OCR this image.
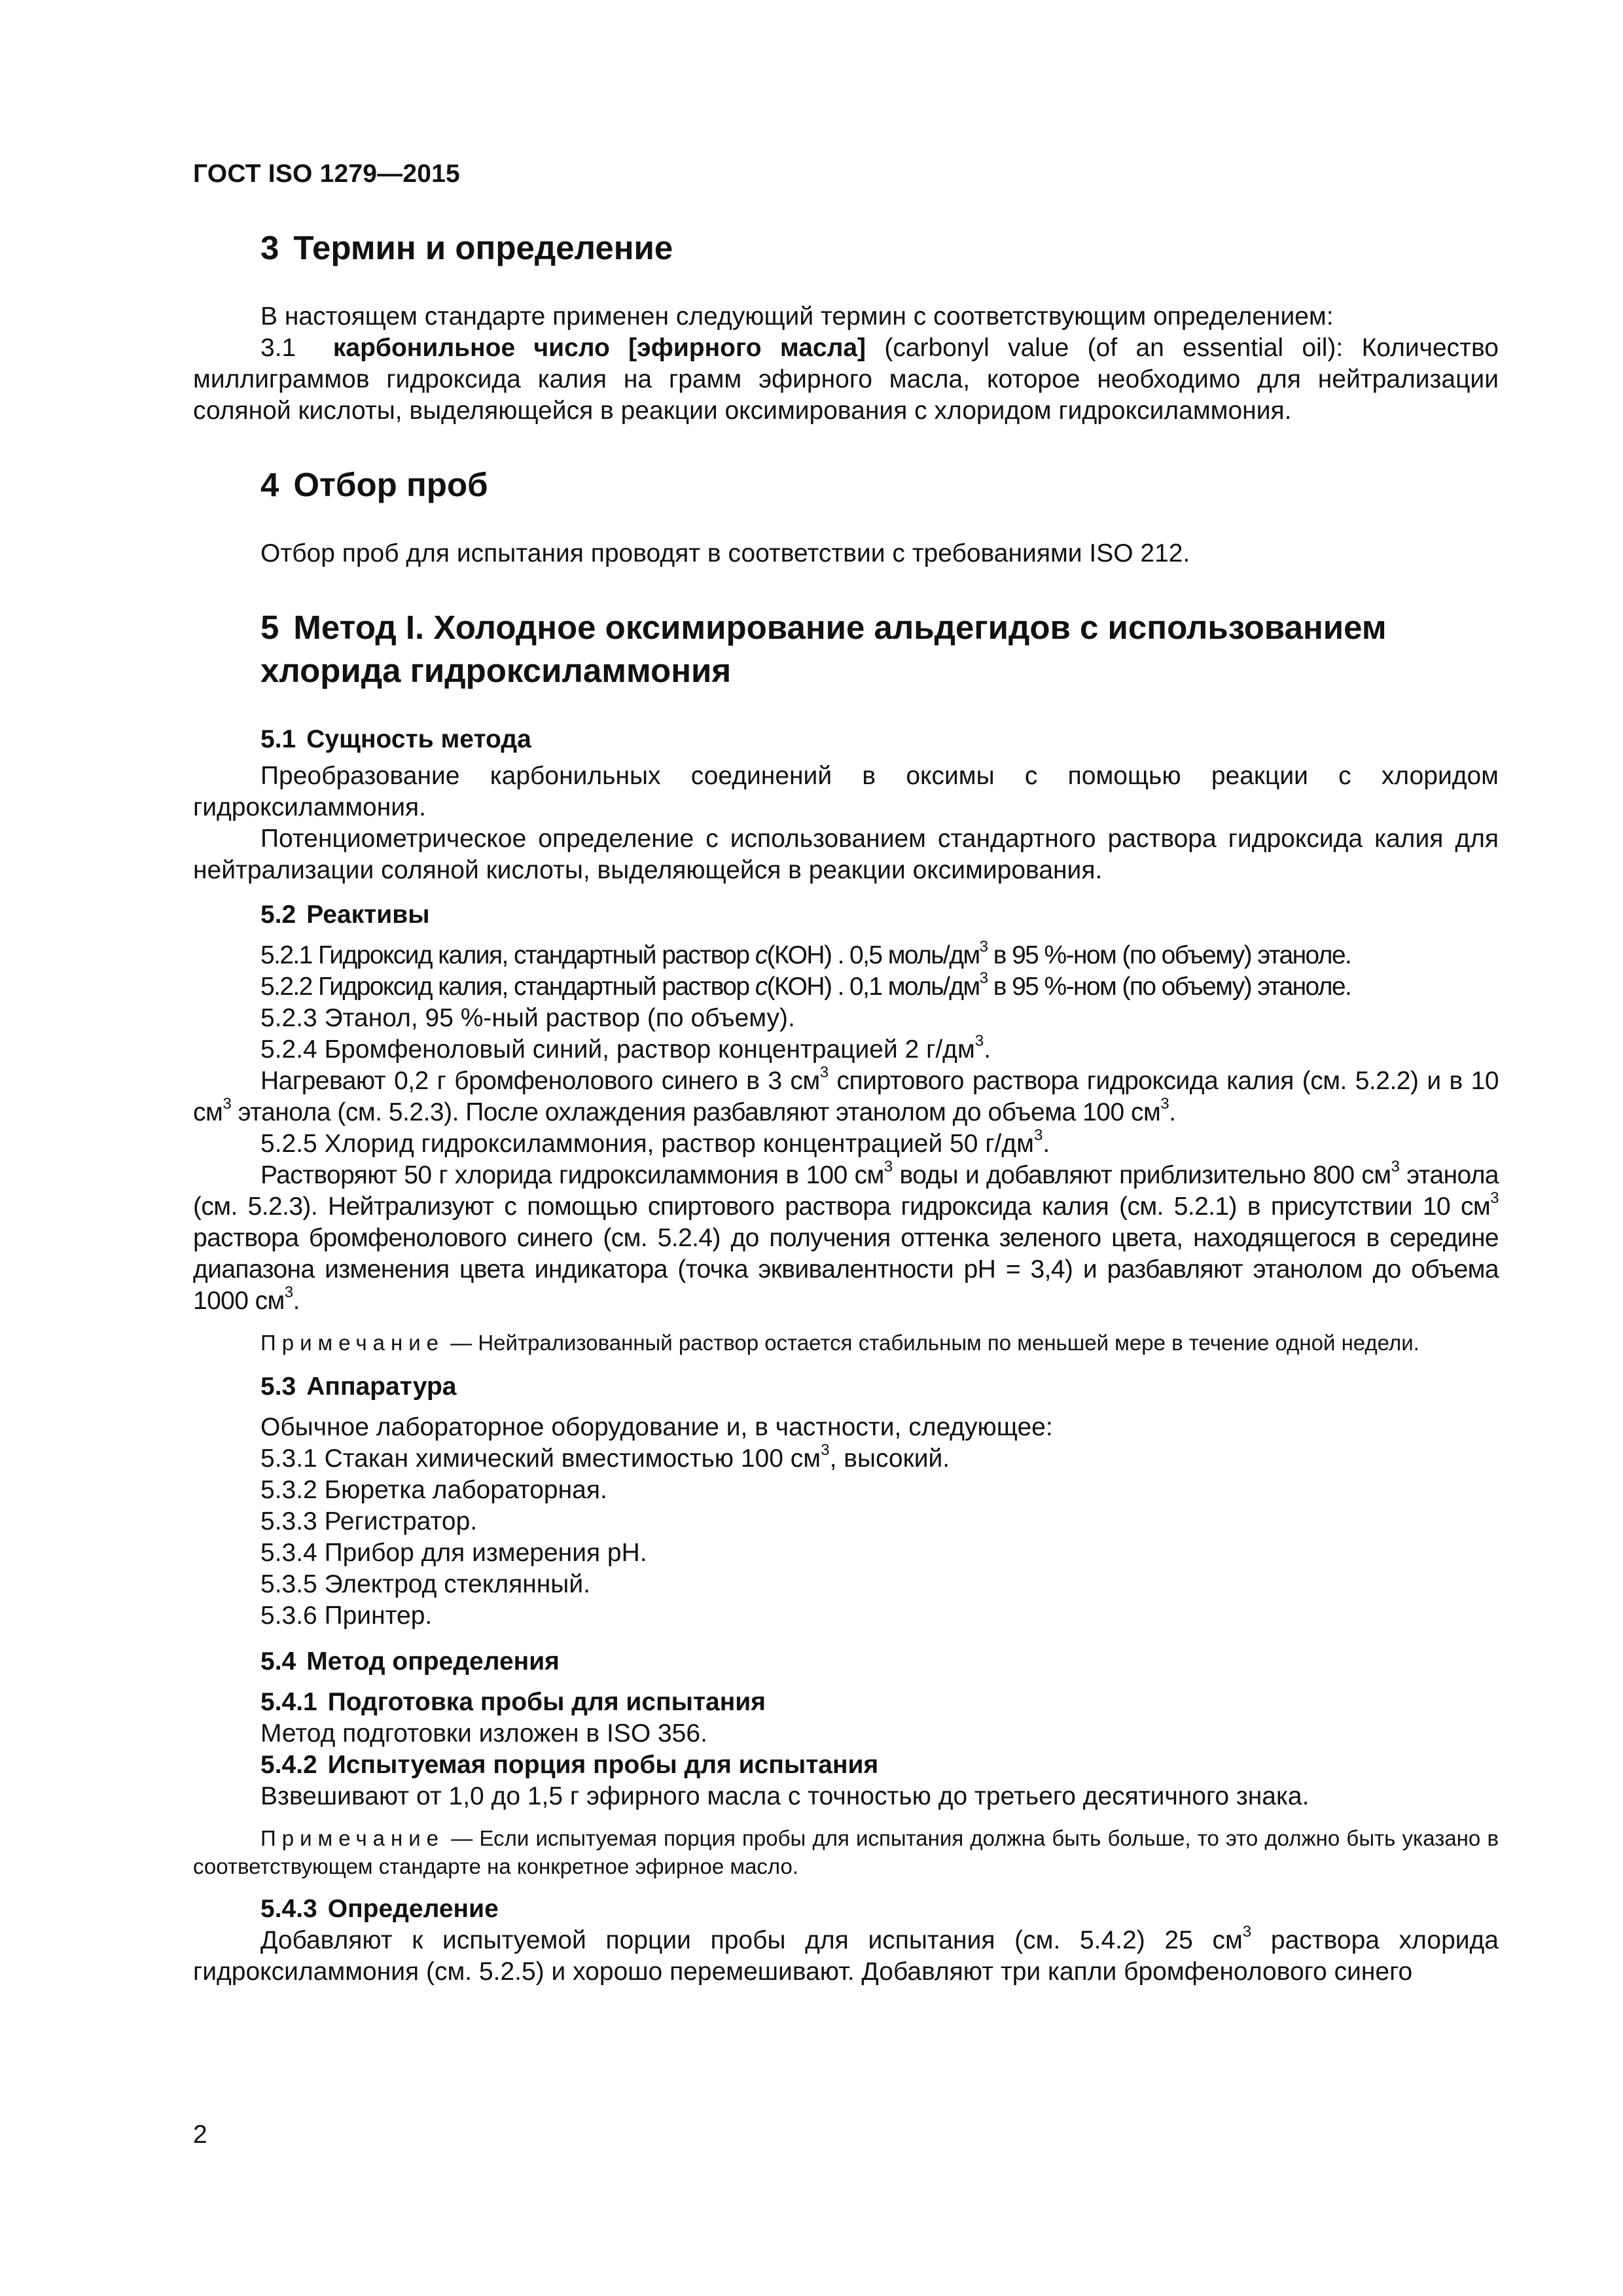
ГОСТ ISO 1279—2015
3 Термин и определение

В настоящем стандарте применен следующий термин с соответствующим определением:

3.1 карбонильное число [эфирного масла] (carbonyl value (of an essential oil): Количество миллиграммов гидроксида калия на грамм эфирного масла, которое необходимо для нейтрализации соляной кислоты, выделяющейся в реакции оксимирования с хлоридом гидроксиламмония.

4 Отбор проб

Отбор проб для испытания проводят в соответствии с требованиями ISO 212.

5 Метод I. Холодное оксимирование альдегидов с использованием хлорида гидроксиламмония
5.1 Сущность метода

Преобразование карбонильных соединений в оксимы с помощью реакции с хлоридом гидроксиламмония.

Потенциометрическое определение с использованием стандартного раствора гидроксида калия для нейтрализации соляной кислоты, выделяющейся в реакции оксимирования.

5.2 Реактивы

5.2.1 Гидроксид калия, стандартный раствор c(КОН) . 0,5 моль/$дм^3$ в 95 %-ном (по объему) этаноле.

5.2.2 Гидроксид калия, стандартный раствор c(КОН) . 0,1 моль/$дм^3$ в 95 %-ном (по объему) этаноле.

5.2.3 Этанол, 95 %-ный раствор (по объему).

5.2.4 Бромфеноловый синий, раствор концентрацией 2 $г/дм^3$.

Нагревают 0,2 г бромфенолового синего в 3 $см^3$ спиртового раствора гидроксида калия (см. 5.2.2) и в 10 $см^3$ этанола (см. 5.2.3). После охлаждения разбавляют этанолом до объема 100 $см^3$.

5.2.5 Хлорид гидроксиламмония, раствор концентрацией 50 $г/дм^3$.

Растворяют 50 г хлорида гидроксиламмония в 100 $см^3$ воды и добавляют приблизительно 800 $см^3$ этанола (см. 5.2.3). Нейтрализуют с помощью спиртового раствора гидроксида калия (см. 5.2.1) в присутствии 10 $см^3$ раствора бромфенолового синего (см. 5.2.4) до получения оттенка зеленого цвета, находящегося в середине диапазона изменения цвета индикатора (точка эквивалентности pH = 3,4) и разбавляют этанолом до объема 1000 $см^3$.

Примечание — Нейтрализованный раствор остается стабильным по меньшей мере в течение одной недели.

5.3 Аппаратура

Обычное лабораторное оборудование и, в частности, следующее:

5.3.1 Стакан химический вместимостью 100 $см^3$, высокий.

5.3.2 Бюретка лабораторная.

5.3.3 Регистратор.

5.3.4 Прибор для измерения pH.

5.3.5 Электрод стеклянный.

5.3.6 Принтер.

5.4 Метод определения
5.4.1 Подготовка пробы для испытания

Метод подготовки изложен в ISO 356.

5.4.2 Испытуемая порция пробы для испытания

Взвешивают от 1,0 до 1,5 г эфирного масла с точностью до третьего десятичного знака.

Примечание — Если испытуемая порция пробы для испытания должна быть больше, то это должно быть указано в соответствующем стандарте на конкретное эфирное масло.

5.4.3 Определение

Добавляют к испытуемой порции пробы для испытания (см. 5.4.2) 25 $см^3$ раствора хлорида гидроксиламмония (см. 5.2.5) и хорошо перемешивают. Добавляют три капли бромфенолового синего

2
